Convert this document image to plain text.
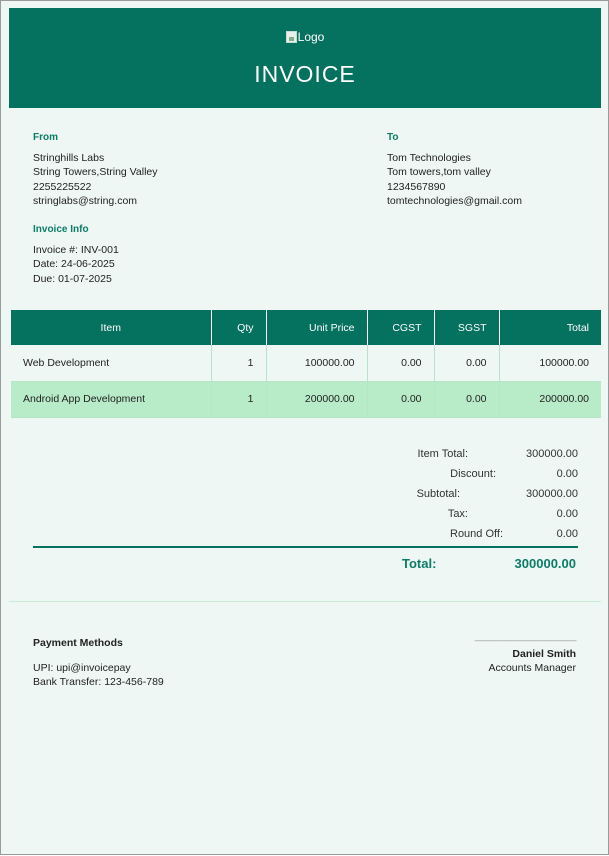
Logo
INVOICE
From
Stringhills Labs
String Towers,String Valley
2255225522
stringlabs@string.com
To
Tom Technologies
Tom towers,tom valley
1234567890
tomtechnologies@gmail.com
Invoice Info
Invoice #: INV-001
Date: 24-06-2025
Due: 01-07-2025
Item	Qty	Unit Price	CGST	SGST	Total
Web Development	1	100000.00	0.00	0.00	100000.00
Android App Development	1	200000.00	0.00	0.00	200000.00
Item Total:	300000.00
Discount:	0.00
Subtotal:	300000.00
Tax:	0.00
Round Off:	0.00
Total:	300000.00
Payment Methods
UPI: upi@invoicepay
Bank Transfer: 123-456-789
____________________
Daniel Smith
Accounts Manager
